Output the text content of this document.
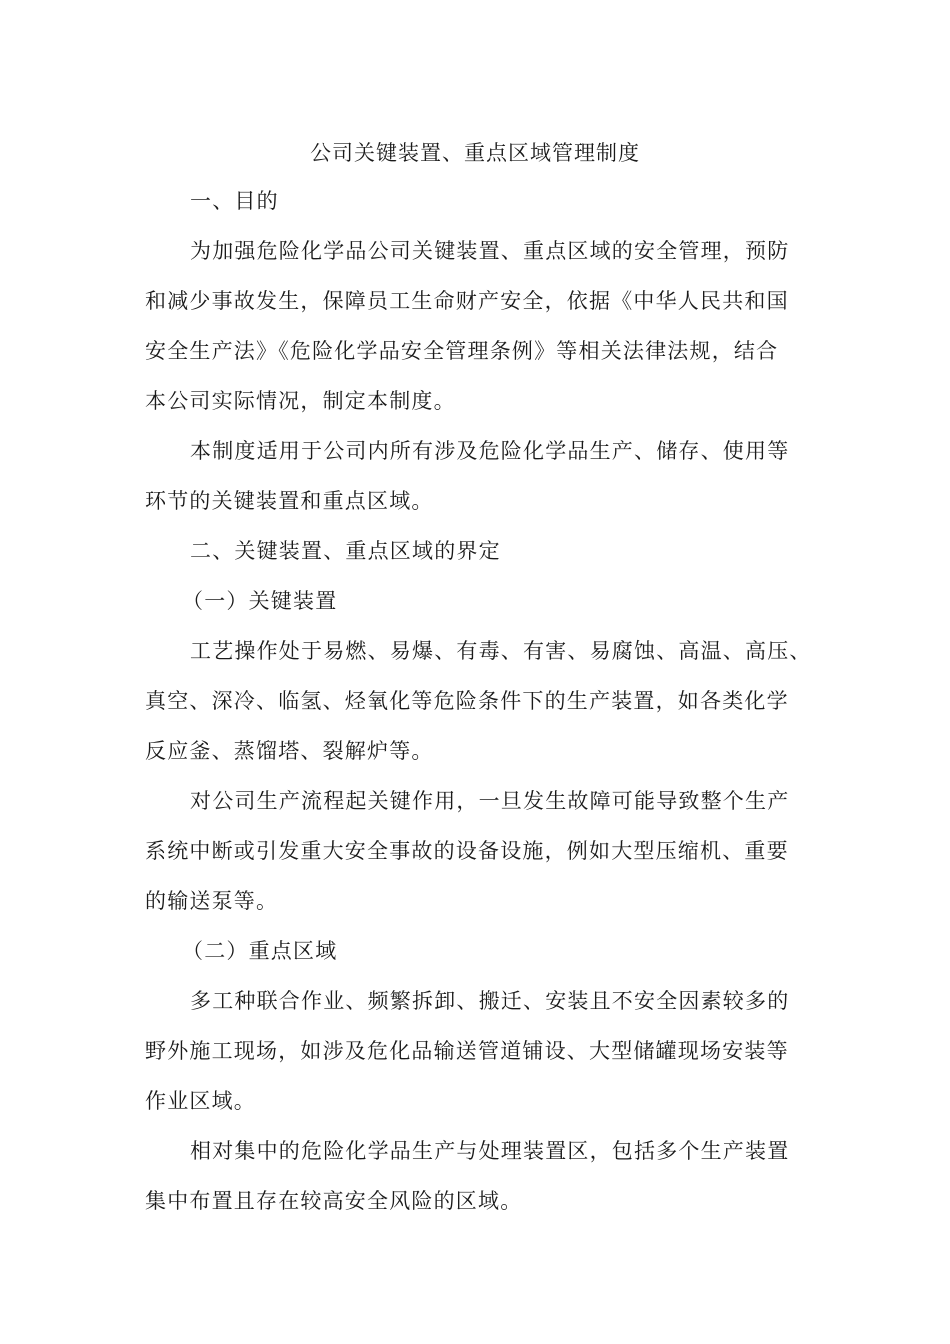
公司关键装置、重点区域管理制度
一、目的
为加强危险化学品公司关键装置、重点区域的安全管理，预防
和减少事故发生，保障员工生命财产安全，依据《中华人民共和国
安全生产法》《危险化学品安全管理条例》等相关法律法规，结合
本公司实际情况，制定本制度。
本制度适用于公司内所有涉及危险化学品生产、储存、使用等
环节的关键装置和重点区域。
二、关键装置、重点区域的界定
（一）关键装置
工艺操作处于易燃、易爆、有毒、有害、易腐蚀、高温、高压、
真空、深冷、临氢、烃氧化等危险条件下的生产装置，如各类化学
反应釜、蒸馏塔、裂解炉等。
对公司生产流程起关键作用，一旦发生故障可能导致整个生产
系统中断或引发重大安全事故的设备设施，例如大型压缩机、重要
的输送泵等。
（二）重点区域
多工种联合作业、频繁拆卸、搬迁、安装且不安全因素较多的
野外施工现场，如涉及危化品输送管道铺设、大型储罐现场安装等
作业区域。
相对集中的危险化学品生产与处理装置区，包括多个生产装置
集中布置且存在较高安全风险的区域。
